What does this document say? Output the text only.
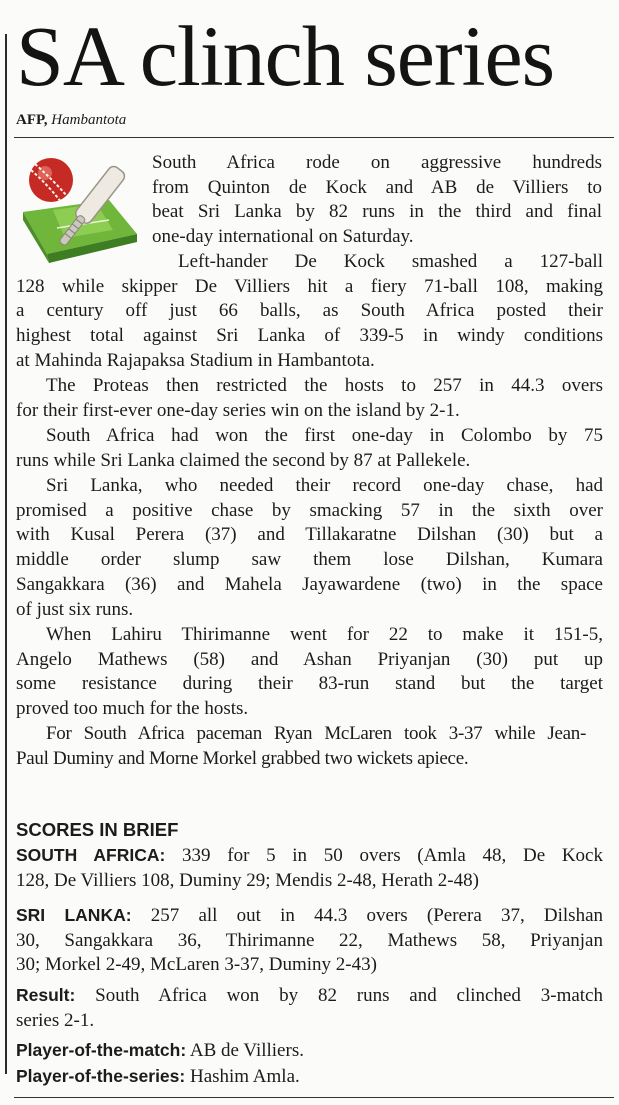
SA clinch series
AFP, Hambantota
South Africa rode on aggressive hundreds
from Quinton de Kock and AB de Villiers to
beat Sri Lanka by 82 runs in the third and final
one-day international on Saturday.
Left-hander De Kock smashed a 127-ball
128 while skipper De Villiers hit a fiery 71-ball 108, making
a century off just 66 balls, as South Africa posted their
highest total against Sri Lanka of 339-5 in windy conditions
at Mahinda Rajapaksa Stadium in Hambantota.
The Proteas then restricted the hosts to 257 in 44.3 overs
for their first-ever one-day series win on the island by 2-1.
South Africa had won the first one-day in Colombo by 75
runs while Sri Lanka claimed the second by 87 at Pallekele.
Sri Lanka, who needed their record one-day chase, had
promised a positive chase by smacking 57 in the sixth over
with Kusal Perera (37) and Tillakaratne Dilshan (30) but a
middle order slump saw them lose Dilshan, Kumara
Sangakkara (36) and Mahela Jayawardene (two) in the space
of just six runs.
When Lahiru Thirimanne went for 22 to make it 151-5,
Angelo Mathews (58) and Ashan Priyanjan (30) put up
some resistance during their 83-run stand but the target
proved too much for the hosts.
For South Africa paceman Ryan McLaren took 3-37 while Jean-
Paul Duminy and Morne Morkel grabbed two wickets apiece.
SCORES IN BRIEF
SOUTH AFRICA: 339 for 5 in 50 overs (Amla 48, De Kock
128, De Villiers 108, Duminy 29; Mendis 2-48, Herath 2-48)
SRI LANKA: 257 all out in 44.3 overs (Perera 37, Dilshan
30, Sangakkara 36, Thirimanne 22, Mathews 58, Priyanjan
30; Morkel 2-49, McLaren 3-37, Duminy 2-43)
Result: South Africa won by 82 runs and clinched 3-match
series 2-1.
Player-of-the-match: AB de Villiers.
Player-of-the-series: Hashim Amla.
